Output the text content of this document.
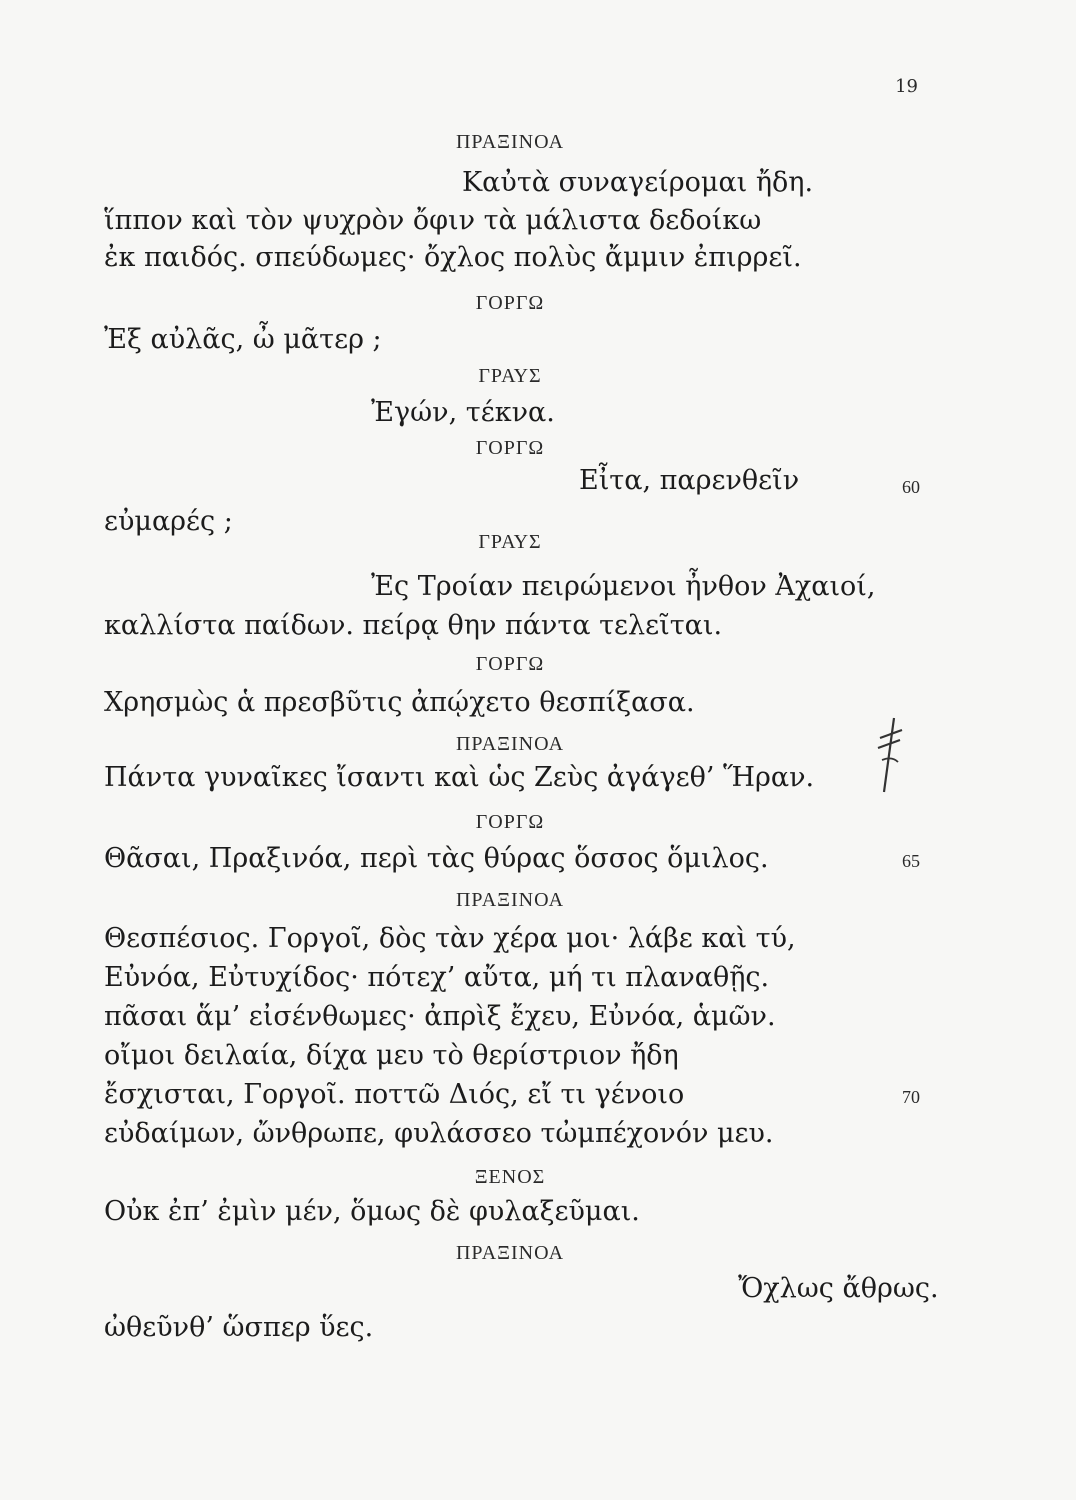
19
ΠΡΑΞΙΝΟΑ
Καὐτὰ συναγείρομαι ἤδη.
ἵππον καὶ τὸν ψυχρὸν ὄφιν τὰ μάλιστα δεδοίκω
ἐκ παιδός. σπεύδωμες· ὄχλος πολὺς ἄμμιν ἐπιρρεῖ.
ΓΟΡΓΩ
Ἐξ αὐλᾶς, ὦ μᾶτερ ;
ΓΡΑΥΣ
Ἐγών, τέκνα.
ΓΟΡΓΩ
Εἶτα, παρενθεῖν	60
εὐμαρές ;
ΓΡΑΥΣ
Ἐς Τροίαν πειρώμενοι ἦνθον Ἀχαιοί,
καλλίστα παίδων. πείρᾳ θην πάντα τελεῖται.
ΓΟΡΓΩ
Χρησμὼς ἁ πρεσβῦτις ἀπῴχετο θεσπίξασα.
ΠΡΑΞΙΝΟΑ
Πάντα γυναῖκες ἴσαντι καὶ ὡς Ζεὺς ἀγάγεθ’ Ἥραν.
ΓΟΡΓΩ
Θᾶσαι, Πραξινόα, περὶ τὰς θύρας ὅσσος ὅμιλος.	65
ΠΡΑΞΙΝΟΑ
Θεσπέσιος. Γοργοῖ, δὸς τὰν χέρα μοι· λάβε καὶ τύ,
Εὐνόα, Εὐτυχίδος· πότεχ’ αὔτα, μή τι πλαναθῇς.
πᾶσαι ἅμ’ εἰσένθωμες· ἀπρὶξ ἔχευ, Εὐνόα, ἁμῶν.
οἴμοι δειλαία, δίχα μευ τὸ θερίστριον ἤδη
ἔσχισται, Γοργοῖ. ποττῶ Διός, εἴ τι γένοιο	70
εὐδαίμων, ὤνθρωπε, φυλάσσεο τὠμπέχονόν μευ.
ΞΕΝΟΣ
Οὐκ ἐπ’ ἐμὶν μέν, ὅμως δὲ φυλαξεῦμαι.
ΠΡΑΞΙΝΟΑ
Ὄχλως ἄθρως.
ὠθεῦνθ’ ὥσπερ ὕες.
